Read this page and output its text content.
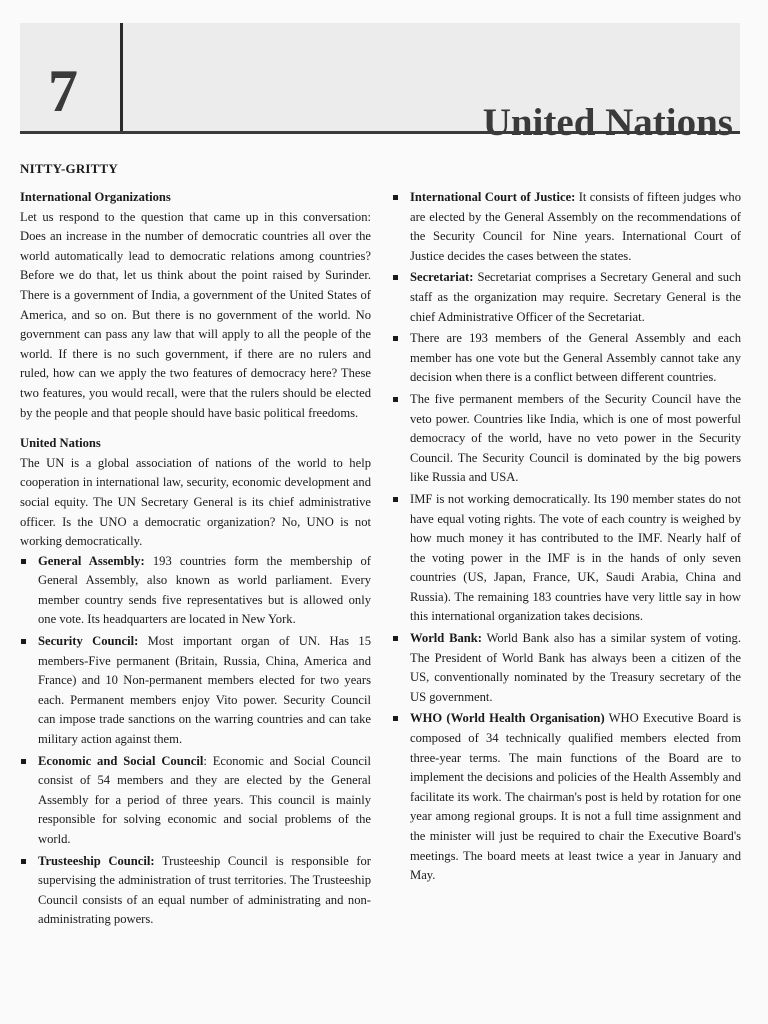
7	United Nations
NITTY-GRITTY

International Organizations

Let us respond to the question that came up in this conversation: Does an increase in the number of democratic countries all over the world automatically lead to democratic relations among countries? Before we do that, let us think about the point raised by Surinder. There is a government of India, a government of the United States of America, and so on. But there is no government of the world. No government can pass any law that will apply to all the people of the world. If there is no such government, if there are no rulers and ruled, how can we apply the two features of democracy here? These two features, you would recall, were that the rulers should be elected by the people and that people should have basic political freedoms.

United Nations

The UN is a global association of nations of the world to help cooperation in international law, security, economic development and social equity. The UN Secretary General is its chief administrative officer. Is the UNO a democratic organization? No, UNO is not working democratically.

General Assembly: 193 countries form the membership of General Assembly, also known as world parliament. Every member country sends five representatives but is allowed only one vote. Its headquarters are located in New York.
Security Council: Most important organ of UN. Has 15 members-Five permanent (Britain, Russia, China, America and France) and 10 Non-permanent members elected for two years each. Permanent members enjoy Vito power. Security Council can impose trade sanctions on the warring countries and can take military action against them.
Economic and Social Council: Economic and Social Council consist of 54 members and they are elected by the General Assembly for a period of three years. This council is mainly responsible for solving economic and social problems of the world.
Trusteeship Council: Trusteeship Council is responsible for supervising the administration of trust territories. The Trusteeship Council consists of an equal number of administrating and non-administrating powers.
International Court of Justice: It consists of fifteen judges who are elected by the General Assembly on the recommendations of the Security Council for Nine years. International Court of Justice decides the cases between the states.
Secretariat: Secretariat comprises a Secretary General and such staff as the organization may require. Secretary General is the chief Administrative Officer of the Secretariat.
There are 193 members of the General Assembly and each member has one vote but the General Assembly cannot take any decision when there is a conflict between different countries.
The five permanent members of the Security Council have the veto power. Countries like India, which is one of most powerful democracy of the world, have no veto power in the Security Council. The Security Council is dominated by the big powers like Russia and USA.
IMF is not working democratically. Its 190 member states do not have equal voting rights. The vote of each country is weighed by how much money it has contributed to the IMF. Nearly half of the voting power in the IMF is in the hands of only seven countries (US, Japan, France, UK, Saudi Arabia, China and Russia). The remaining 183 countries have very little say in how this international organization takes decisions.
World Bank: World Bank also has a similar system of voting. The President of World Bank has always been a citizen of the US, conventionally nominated by the Treasury secretary of the US government.
WHO (World Health Organisation) WHO Executive Board is composed of 34 technically qualified members elected from three-year terms. The main functions of the Board are to implement the decisions and policies of the Health Assembly and facilitate its work. The chairman's post is held by rotation for one year among regional groups. It is not a full time assignment and the minister will just be required to chair the Executive Board's meetings. The board meets at least twice a year in January and May.
